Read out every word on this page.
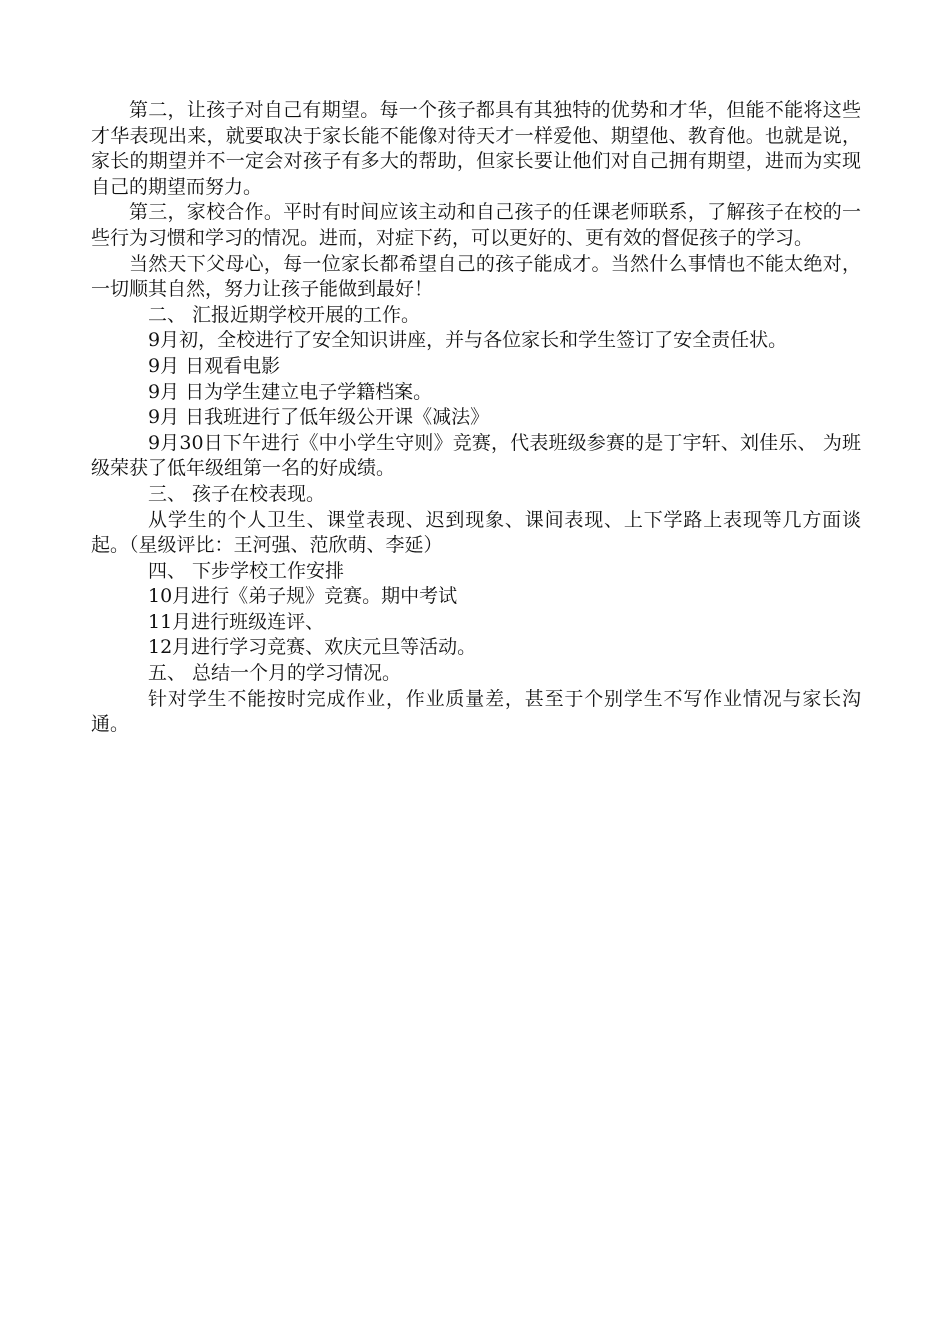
第二，让孩子对自己有期望。每一个孩子都具有其独特的优势和才华，但能不能将这些才华表现出来，就要取决于家长能不能像对待天才一样爱他、期望他、教育他。也就是说，家长的期望并不一定会对孩子有多大的帮助，但家长要让他们对自己拥有期望，进而为实现自己的期望而努力。

第三，家校合作。平时有时间应该主动和自己孩子的任课老师联系，了解孩子在校的一些行为习惯和学习的情况。进而，对症下药，可以更好的、更有效的督促孩子的学习。

当然天下父母心，每一位家长都希望自己的孩子能成才。当然什么事情也不能太绝对，一切顺其自然，努力让孩子能做到最好！

二、 汇报近期学校开展的工作。

9月初，全校进行了安全知识讲座，并与各位家长和学生签订了安全责任状。

9月 日观看电影

9月 日为学生建立电子学籍档案。

9月 日我班进行了低年级公开课《减法》

9月30日下午进行《中小学生守则》竞赛，代表班级参赛的是丁宇轩、刘佳乐、 为班级荣获了低年级组第一名的好成绩。

三、 孩子在校表现。

从学生的个人卫生、课堂表现、迟到现象、课间表现、上下学路上表现等几方面谈起。（星级评比：王河强、范欣萌、李延）

四、 下步学校工作安排

10月进行《弟子规》竞赛。期中考试

11月进行班级连评、

12月进行学习竞赛、欢庆元旦等活动。

五、 总结一个月的学习情况。

针对学生不能按时完成作业，作业质量差，甚至于个别学生不写作业情况与家长沟通。
